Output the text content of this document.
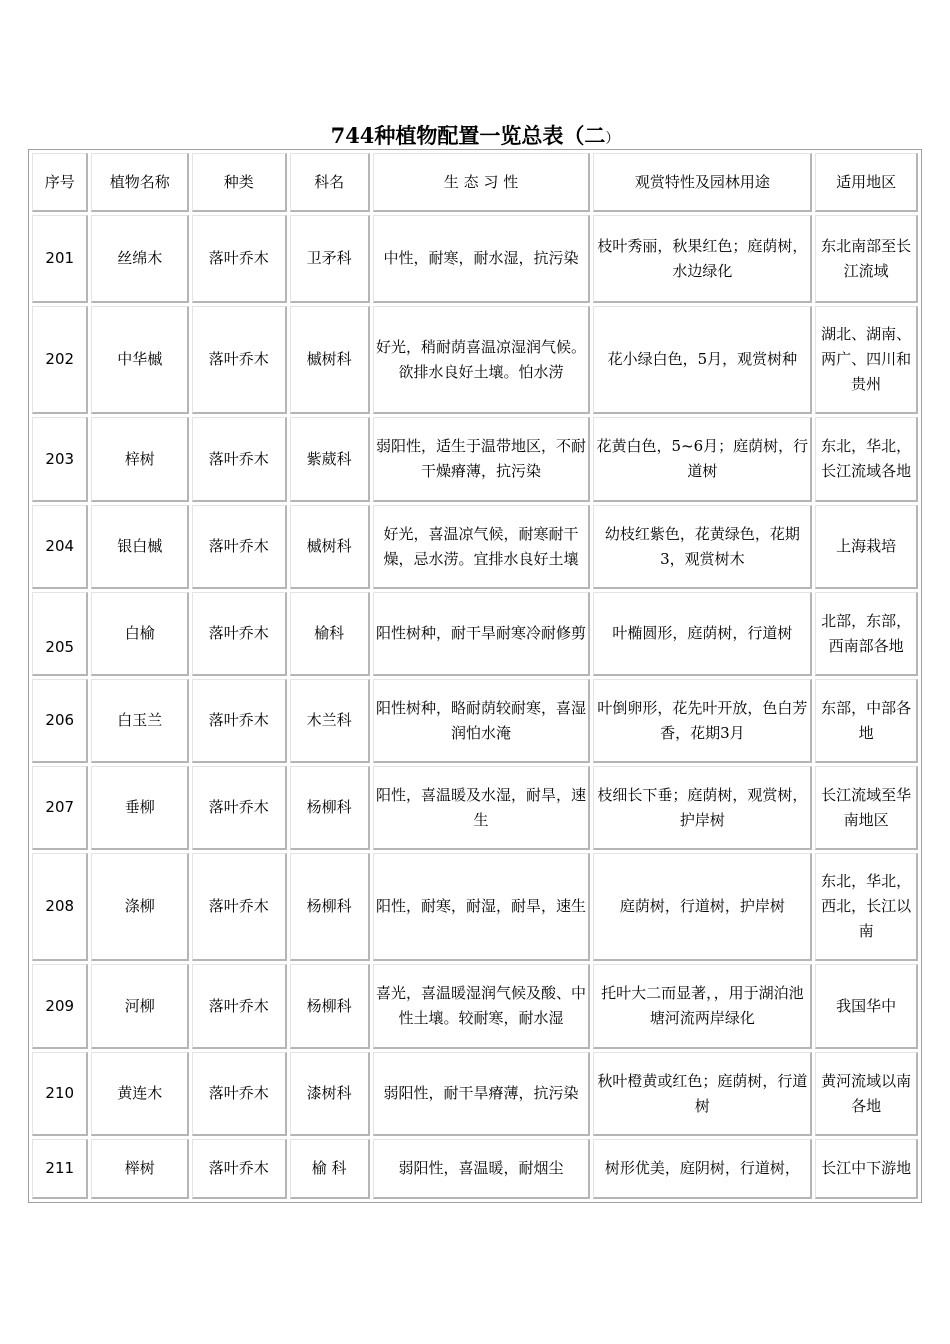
744种植物配置一览总表（二）
序号	植物名称	种类	科名	生 态 习 性	观赏特性及园林用途	适用地区
201	丝绵木	落叶乔木	卫矛科	中性，耐寒，耐水湿，抗污染	枝叶秀丽，秋果红色；庭荫树，水边绿化	东北南部至长江流域
202	中华槭	落叶乔木	槭树科	好光，稍耐荫喜温凉湿润气候。欲排水良好土壤。怕水涝	花小绿白色，5月，观赏树种	湖北、湖南、两广、四川和贵州
203	梓树	落叶乔木	紫葳科	弱阳性，适生于温带地区，不耐干燥瘠薄，抗污染	花黄白色，5~6月；庭荫树，行道树	东北，华北，长江流域各地
204	银白槭	落叶乔木	槭树科	好光，喜温凉气候，耐寒耐干燥，忌水涝。宜排水良好土壤	幼枝红紫色，花黄绿色，花期3，观赏树木	上海栽培
205	白榆	落叶乔木	榆科	阳性树种，耐干旱耐寒冷耐修剪	叶椭圆形，庭荫树，行道树	北部，东部，西南部各地
206	白玉兰	落叶乔木	木兰科	阳性树种，略耐荫较耐寒，喜湿润怕水淹	叶倒卵形，花先叶开放，色白芳香，花期3月	东部，中部各地
207	垂柳	落叶乔木	杨柳科	阳性，喜温暖及水湿，耐旱，速生	枝细长下垂；庭荫树，观赏树，护岸树	长江流域至华南地区
208	涤柳	落叶乔木	杨柳科	阳性，耐寒，耐湿，耐旱，速生	庭荫树，行道树，护岸树	东北，华北，西北，长江以南
209	河柳	落叶乔木	杨柳科	喜光，喜温暖湿润气候及酸、中性土壤。较耐寒，耐水湿	托叶大二而显著，，用于湖泊池塘河流两岸绿化	我国华中
210	黄连木	落叶乔木	漆树科	弱阳性，耐干旱瘠薄，抗污染	秋叶橙黄或红色；庭荫树，行道树	黄河流域以南各地
211	榉树	落叶乔木	榆 科	弱阳性，喜温暖，耐烟尘	树形优美，庭阴树，行道树，	长江中下游地
